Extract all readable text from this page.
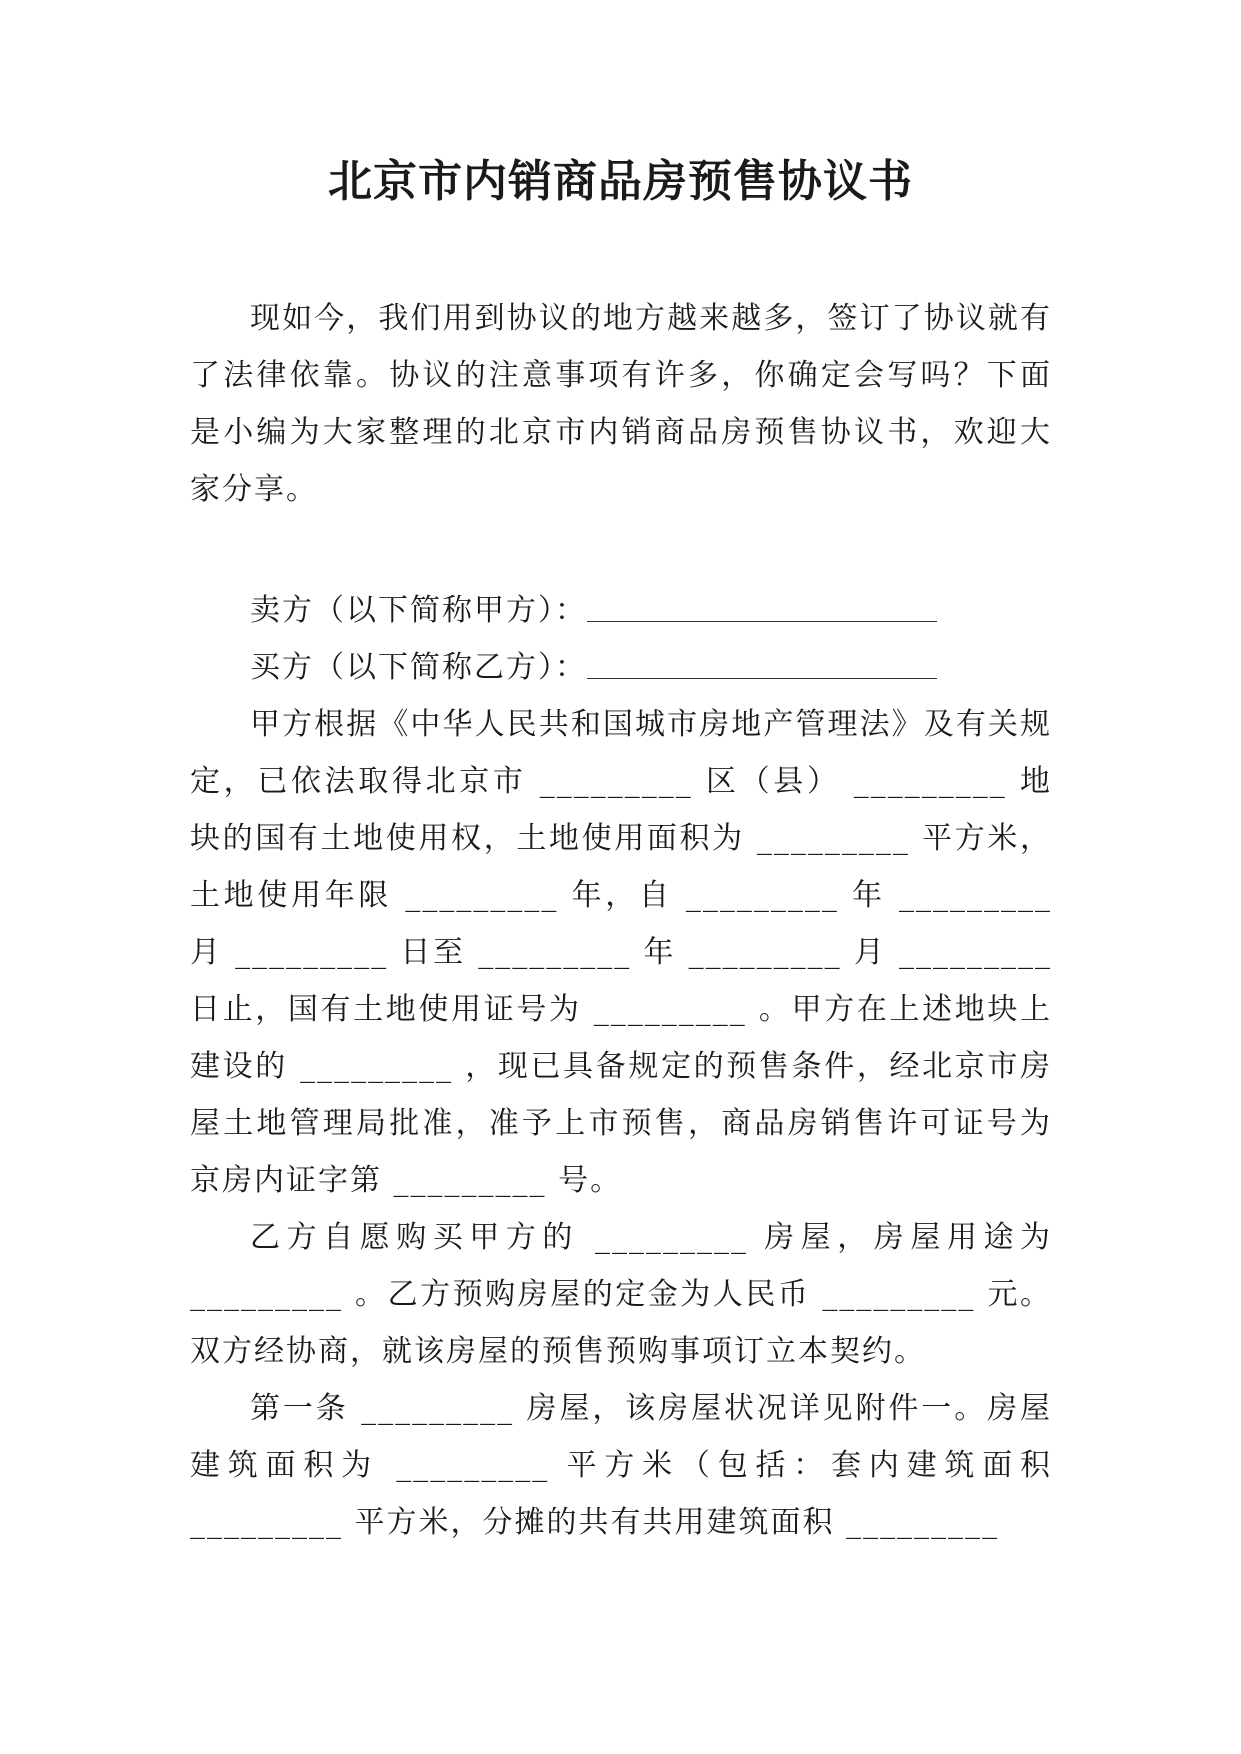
北京市内销商品房预售协议书

现如今，我们用到协议的地方越来越多，签订了协议就有了法律依靠。协议的注意事项有许多，你确定会写吗？下面是小编为大家整理的北京市内销商品房预售协议书，欢迎大家分享。

卖方（以下简称甲方）：

买方（以下简称乙方）：

甲方根据《中华人民共和国城市房地产管理法》及有关规定，已依法取得北京市 _________ 区（县） _________ 地块的国有土地使用权，土地使用面积为 _________ 平方米，土地使用年限 _________ 年，自 _________ 年 _________ 月 _________ 日至 _________ 年 _________ 月 _________ 日止，国有土地使用证号为 _________ 。甲方在上述地块上建设的 _________ ，现已具备规定的预售条件，经北京市房屋土地管理局批准，准予上市预售，商品房销售许可证号为京房内证字第 _________ 号。

乙方自愿购买甲方的 _________ 房屋，房屋用途为 _________ 。乙方预购房屋的定金为人民币 _________ 元。双方经协商，就该房屋的预售预购事项订立本契约。

第一条 _________ 房屋，该房屋状况详见附件一。房屋建筑面积为 _________ 平方米（包括：套内建筑面积 _________ 平方米，分摊的共有共用建筑面积 _________
